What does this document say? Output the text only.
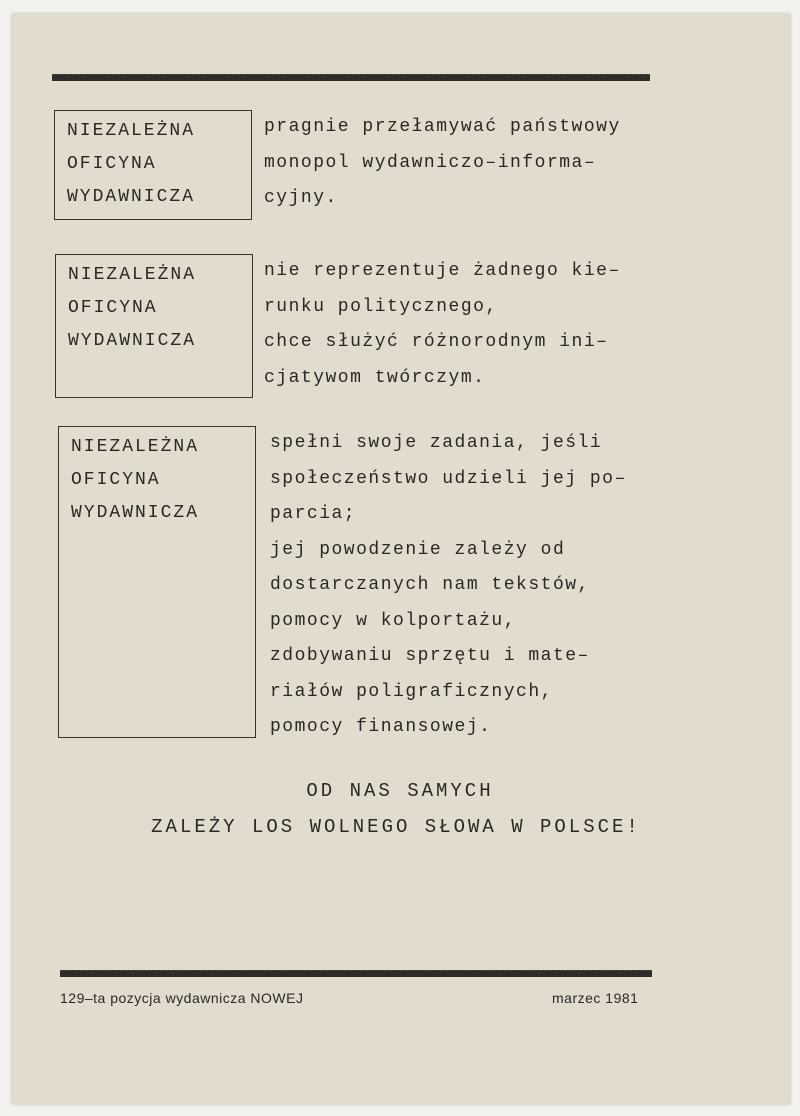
NIEZALEŻNA
OFICYNA
WYDAWNICZA
pragnie przełamywać państwowy
monopol wydawniczo–informa–
cyjny.
NIEZALEŻNA
OFICYNA
WYDAWNICZA
nie reprezentuje żadnego kie–
runku politycznego,
chce służyć różnorodnym ini–
cjatywom twórczym.
NIEZALEŻNA
OFICYNA
WYDAWNICZA
spełni swoje zadania, jeśli
społeczeństwo udzieli jej po–
parcia;
jej powodzenie zależy od
dostarczanych nam tekstów,
pomocy w kolportażu,
zdobywaniu sprzętu i mate–
riałów poligraficznych,
pomocy finansowej.
OD NAS SAMYCH
ZALEŻY LOS WOLNEGO SŁOWA W POLSCE!
129–ta pozycja wydawnicza NOWEJ	marzec 1981
